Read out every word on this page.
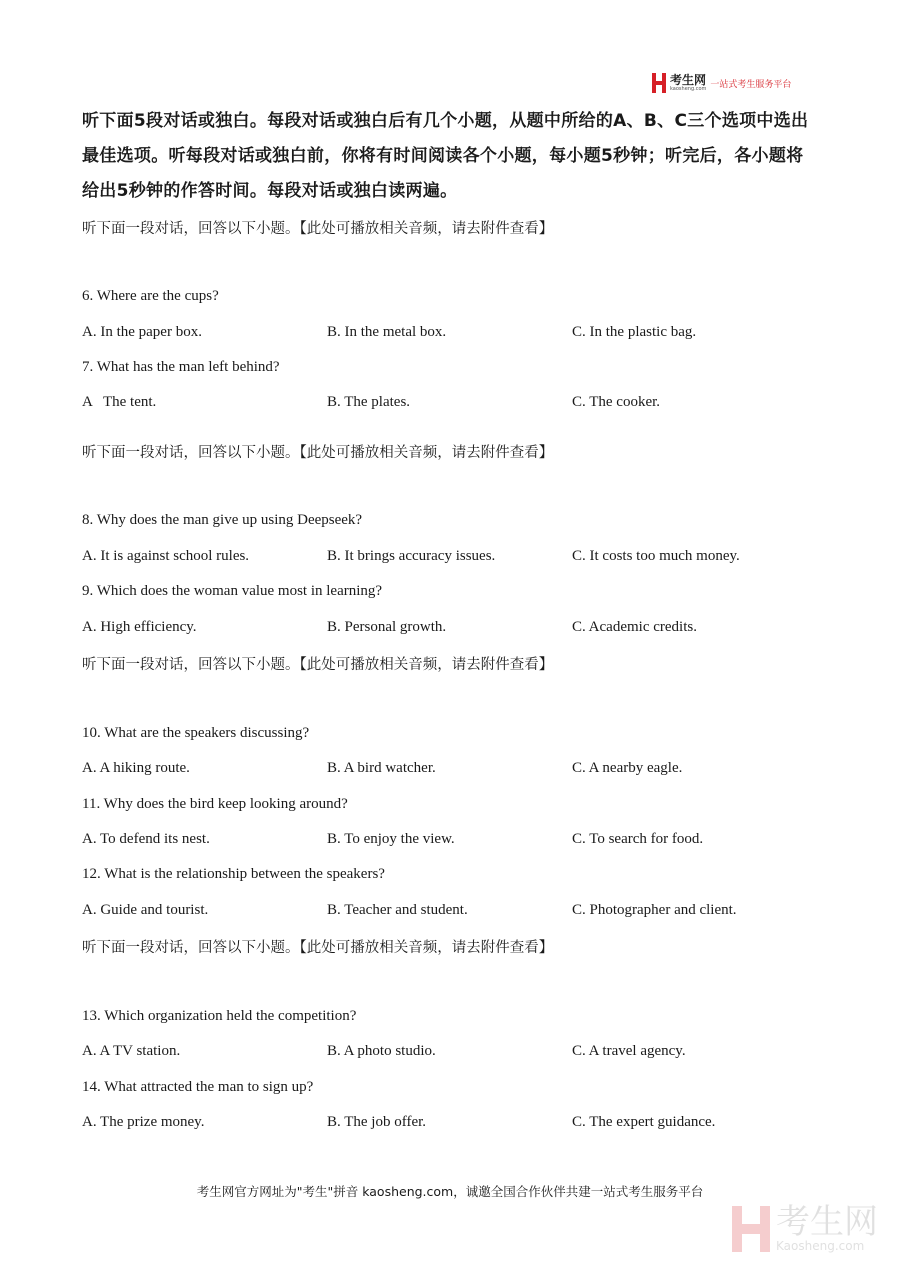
考生网
kaosheng.com 一站式考生服务平台
听下面5段对话或独白。每段对话或独白后有几个小题，从题中所给的A、B、C三个选项中选出最佳选项。听每段对话或独白前，你将有时间阅读各个小题，每小题5秒钟；听完后，各小题将给出5秒钟的作答时间。每段对话或独白读两遍。
听下面一段对话，回答以下小题。【此处可播放相关音频，请去附件查看】
6. Where are the cups?
A. In the paper box.	B. In the metal box.	C. In the plastic bag.
7. What has the man left behind?
A   The tent.	B. The plates.	C. The cooker.
听下面一段对话，回答以下小题。【此处可播放相关音频，请去附件查看】
8. Why does the man give up using Deepseek?
A. It is against school rules.	B. It brings accuracy issues.	C. It costs too much money.
9. Which does the woman value most in learning?
A. High efficiency.	B. Personal growth.	C. Academic credits.
听下面一段对话，回答以下小题。【此处可播放相关音频，请去附件查看】
10. What are the speakers discussing?
A. A hiking route.	B. A bird watcher.	C. A nearby eagle.
11. Why does the bird keep looking around?
A. To defend its nest.	B. To enjoy the view.	C. To search for food.
12. What is the relationship between the speakers?
A. Guide and tourist.	B. Teacher and student.	C. Photographer and client.
听下面一段对话，回答以下小题。【此处可播放相关音频，请去附件查看】
13. Which organization held the competition?
A. A TV station.	B. A photo studio.	C. A travel agency.
14. What attracted the man to sign up?
A. The prize money.	B. The job offer.	C. The expert guidance.
考生网官方网址为"考生"拼音 kaosheng.com，诚邀全国合作伙伴共建一站式考生服务平台
考生网
Kaosheng.com
